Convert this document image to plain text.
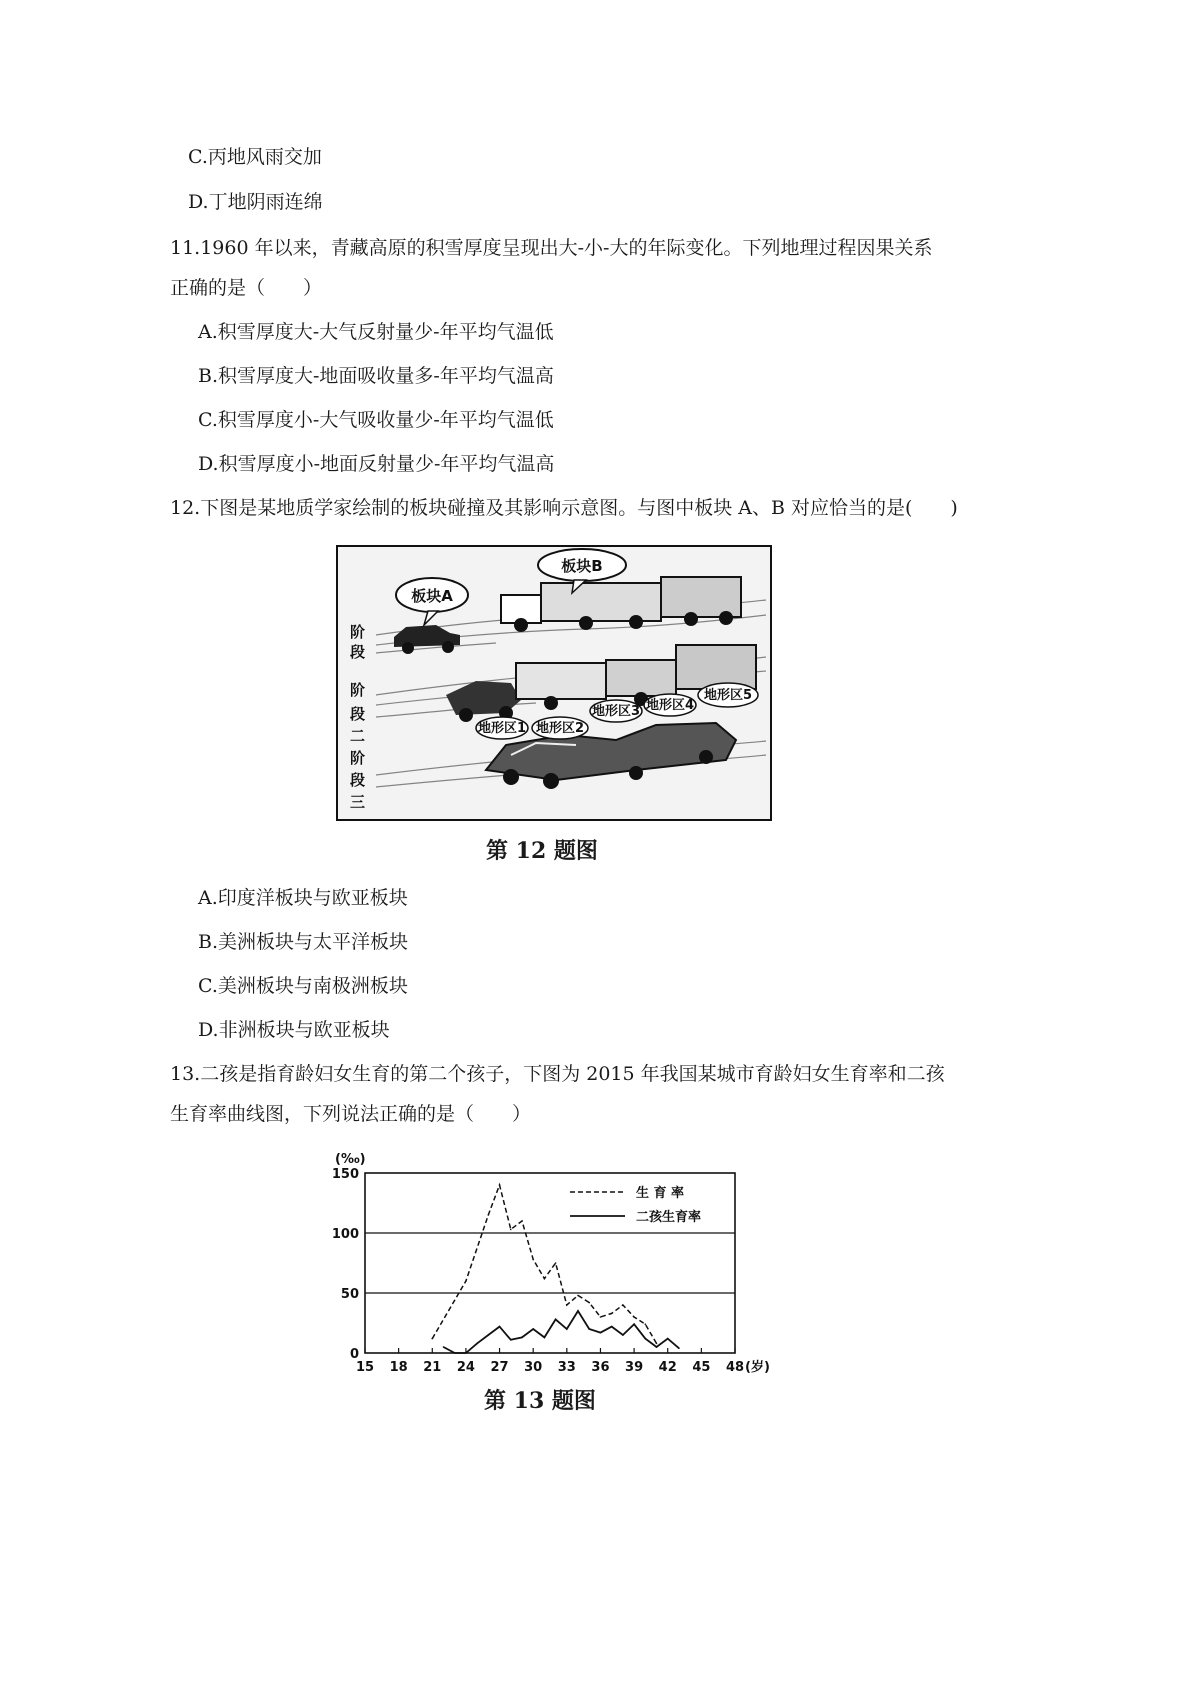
C.丙地风雨交加
D.丁地阴雨连绵
11.1960 年以来，青藏高原的积雪厚度呈现出大-小-大的年际变化。下列地理过程因果关系
正确的是（　　）
A.积雪厚度大-大气反射量少-年平均气温低
B.积雪厚度大-地面吸收量多-年平均气温高
C.积雪厚度小-大气吸收量少-年平均气温低
D.积雪厚度小-地面反射量少-年平均气温高
12.下图是某地质学家绘制的板块碰撞及其影响示意图。与图中板块 A、B 对应恰当的是(　　)
板块A
板块B
地形区1 地形区2
地形区3 地形区4
地形区5
阶
段
阶
段
二
阶
段
三
第 12 题图
A.印度洋板块与欧亚板块
B.美洲板块与太平洋板块
C.美洲板块与南极洲板块
D.非洲板块与欧亚板块
13.二孩是指育龄妇女生育的第二个孩子，下图为 2015 年我国某城市育龄妇女生育率和二孩
生育率曲线图，下列说法正确的是（　　）
0
50
100
150
15 18 21 24 27 30 33 36 39 42 45 48
(‰)
(岁)
生 育 率
二孩生育率
第 13 题图
